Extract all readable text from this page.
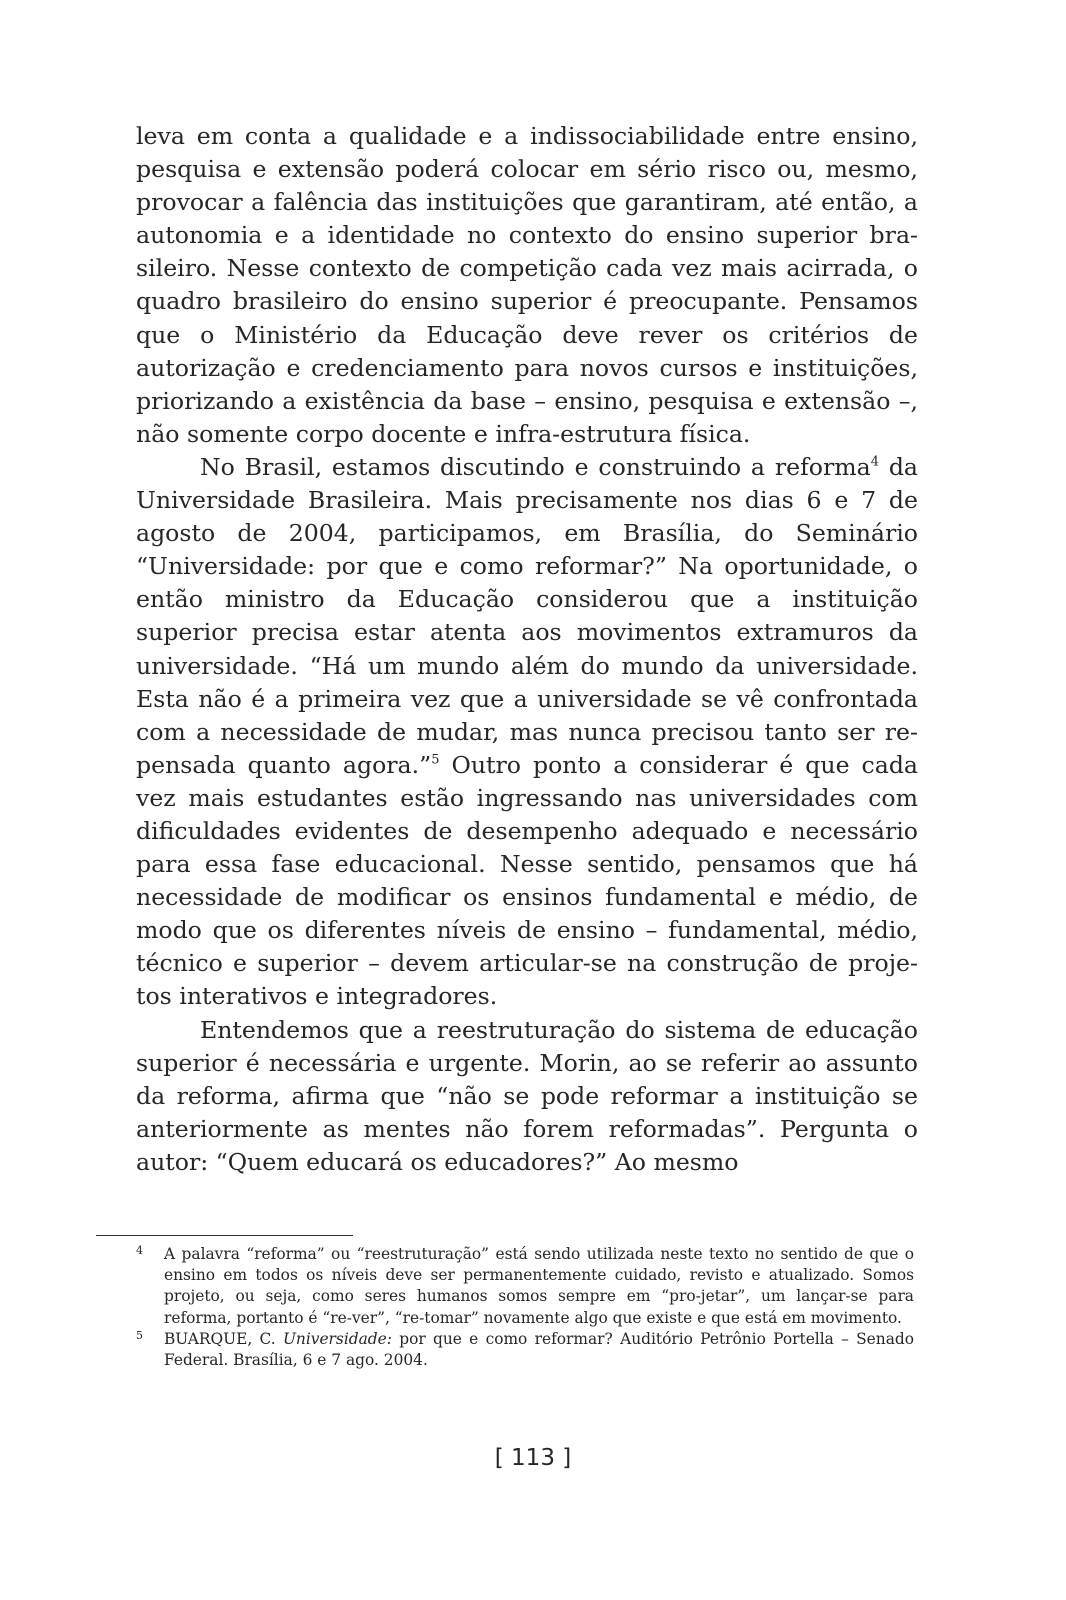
leva em conta a qualidade e a indissociabilidade entre ensino, pesquisa e extensão poderá colocar em sério risco ou, mesmo, provocar a falência das instituições que garantiram, até então, a autonomia e a identidade no contexto do ensino superior brasileiro. Nesse contexto de competição cada vez mais acirrada, o quadro brasileiro do ensino superior é preocupante. Pensamos que o Ministério da Educação deve rever os critérios de autorização e credenciamento para novos cursos e instituições, priorizando a existência da base – ensino, pesquisa e extensão –, não somente corpo docente e infra-estrutura física.

No Brasil, estamos discutindo e construindo a reforma$^4$ da Universidade Brasileira. Mais precisamente nos dias 6 e 7 de agosto de 2004, participamos, em Brasília, do Seminário “Universidade: por que e como reformar?” Na oportunidade, o então ministro da Educação considerou que a instituição superior precisa estar atenta aos movimentos extramuros da universidade. “Há um mundo além do mundo da universidade. Esta não é a primeira vez que a universidade se vê confrontada com a necessidade de mudar, mas nunca precisou tanto ser repensada quanto agora.”$^5$ Outro ponto a considerar é que cada vez mais estudantes estão ingressando nas universidades com dificuldades evidentes de desempenho adequado e necessário para essa fase educacional. Nesse sentido, pensamos que há necessidade de modificar os ensinos fundamental e médio, de modo que os diferentes níveis de ensino – fundamental, médio, técnico e superior – devem articular-se na construção de projetos interativos e integradores.

Entendemos que a reestruturação do sistema de educação superior é necessária e urgente. Morin, ao se referir ao assunto da reforma, afirma que “não se pode reformar a instituição se anteriormente as mentes não forem reformadas”. Pergunta o autor: “Quem educará os educadores?” Ao mesmo

4 A palavra “reforma” ou “reestruturação” está sendo utilizada neste texto no sentido de que o ensino em todos os níveis deve ser permanentemente cuidado, revisto e atualizado. Somos projeto, ou seja, como seres humanos somos sempre em “pro-jetar”, um lançar-se para reforma, portanto é “re-ver”, “re-tomar” novamente algo que existe e que está em movimento.

5 BUARQUE, C. Universidade: por que e como reformar? Auditório Petrônio Portella – Senado Federal. Brasília, 6 e 7 ago. 2004.

[ 113 ]
